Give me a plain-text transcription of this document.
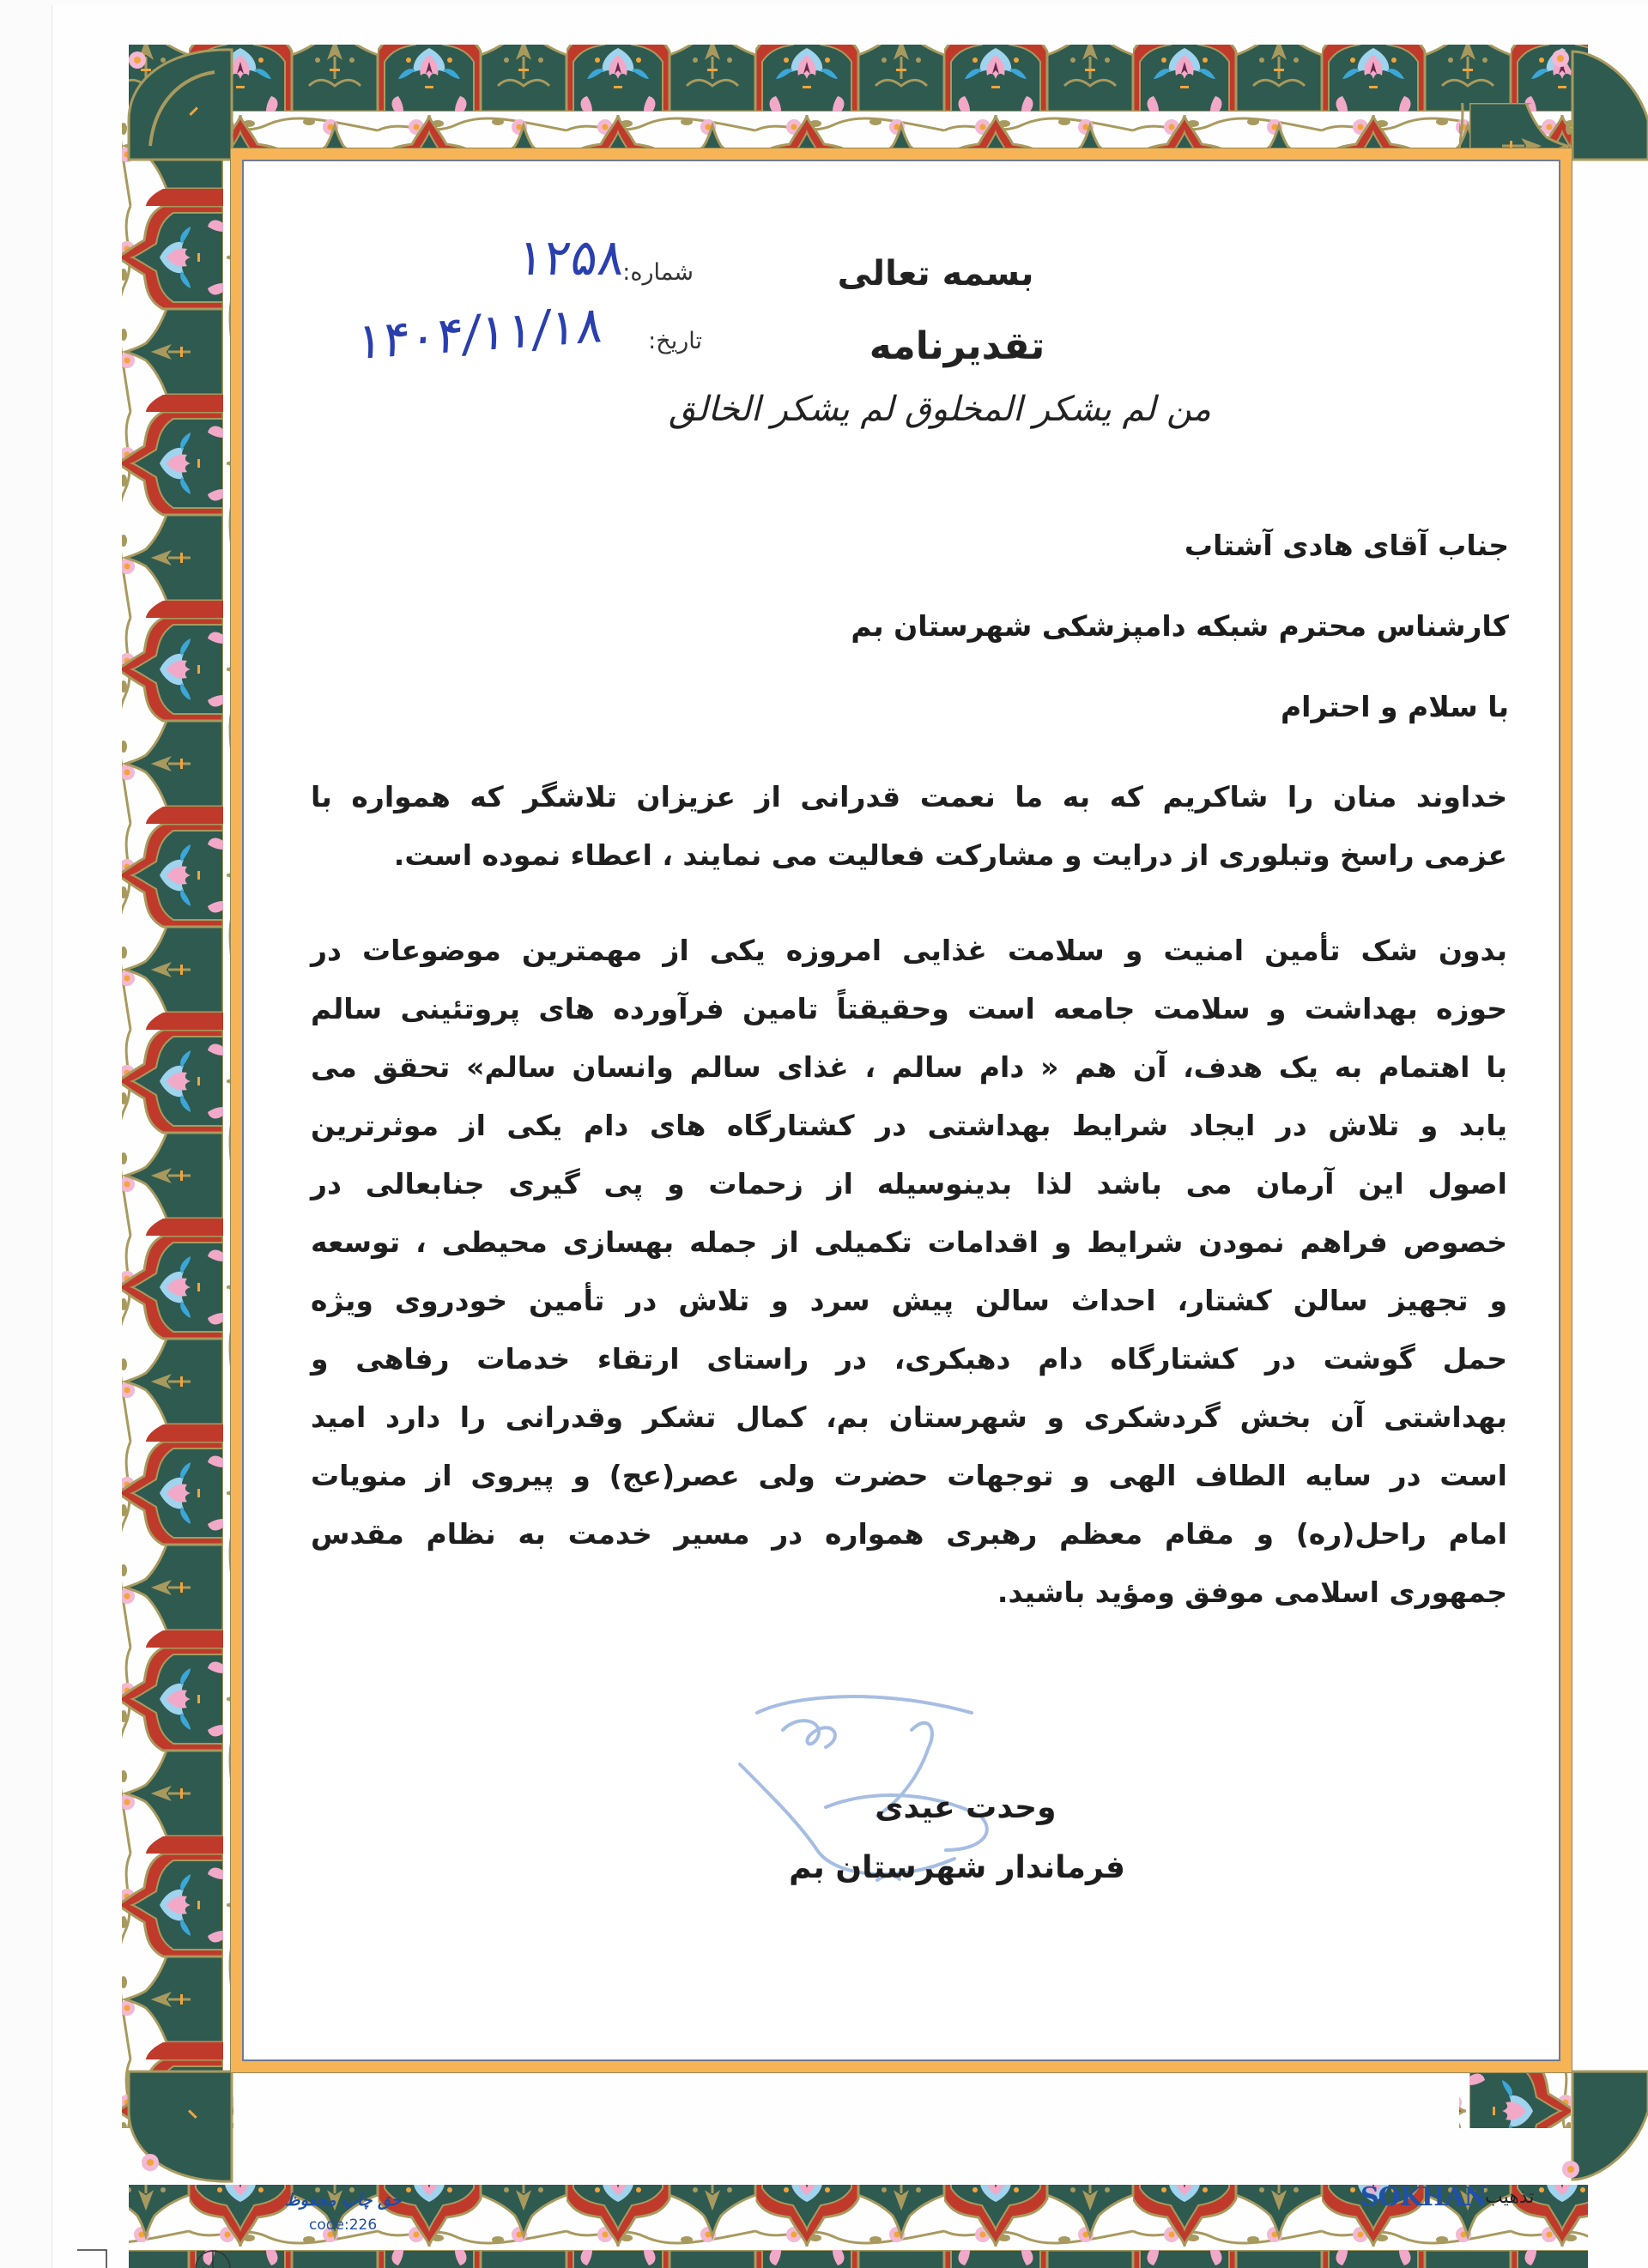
بسمه تعالی
تقدیرنامه
من لم یشکر المخلوق لم یشکر الخالق
شماره:
۱۲۵۸
تاریخ:
۱۴۰۴/۱۱/۱۸
جناب آقای هادی آشتاب
کارشناس محترم شبکه دامپزشکی شهرستان بم
با سلام و احترام
خداوند منان را شاکریم که به ما نعمت قدرانی از عزیزان تلاشگر که همواره با
عزمی راسخ وتبلوری از درایت و مشارکت فعالیت می نمایند ، اعطاء نموده است.
بدون شک تأمین امنیت و سلامت غذایی امروزه یکی از مهمترین موضوعات در
حوزه بهداشت و سلامت جامعه است وحقیقتاً تامین فرآورده های پروتئینی سالم
با اهتمام به یک هدف، آن هم « دام سالم ، غذای سالم وانسان سالم» تحقق می
یابد و تلاش در ایجاد شرایط بهداشتی در کشتارگاه های دام یکی از موثرترین
اصول این آرمان می باشد لذا بدینوسیله از زحمات و پی گیری جنابعالی در
خصوص فراهم نمودن شرایط و اقدامات تکمیلی از جمله بهسازی محیطی ، توسعه
و تجهیز سالن کشتار، احداث سالن پیش سرد و تلاش در تأمین خودروی ویژه
حمل گوشت در کشتارگاه دام دهبکری، در راستای ارتقاء خدمات رفاهی و
بهداشتی آن بخش گردشکری و شهرستان بم، کمال تشکر وقدرانی را دارد امید
است در سایه الطاف الهی و توجهات حضرت ولی عصر(عج) و پیروی از منویات
امام راحل(ره) و مقام معظم رهبری همواره در مسیر خدمت به نظام مقدس
جمهوری اسلامی موفق ومؤید باشید.
وحدت عیدی
فرماندار شهرستان بم
حق چاپ محفوظ
code:226
SOKHAN
تذهیب
